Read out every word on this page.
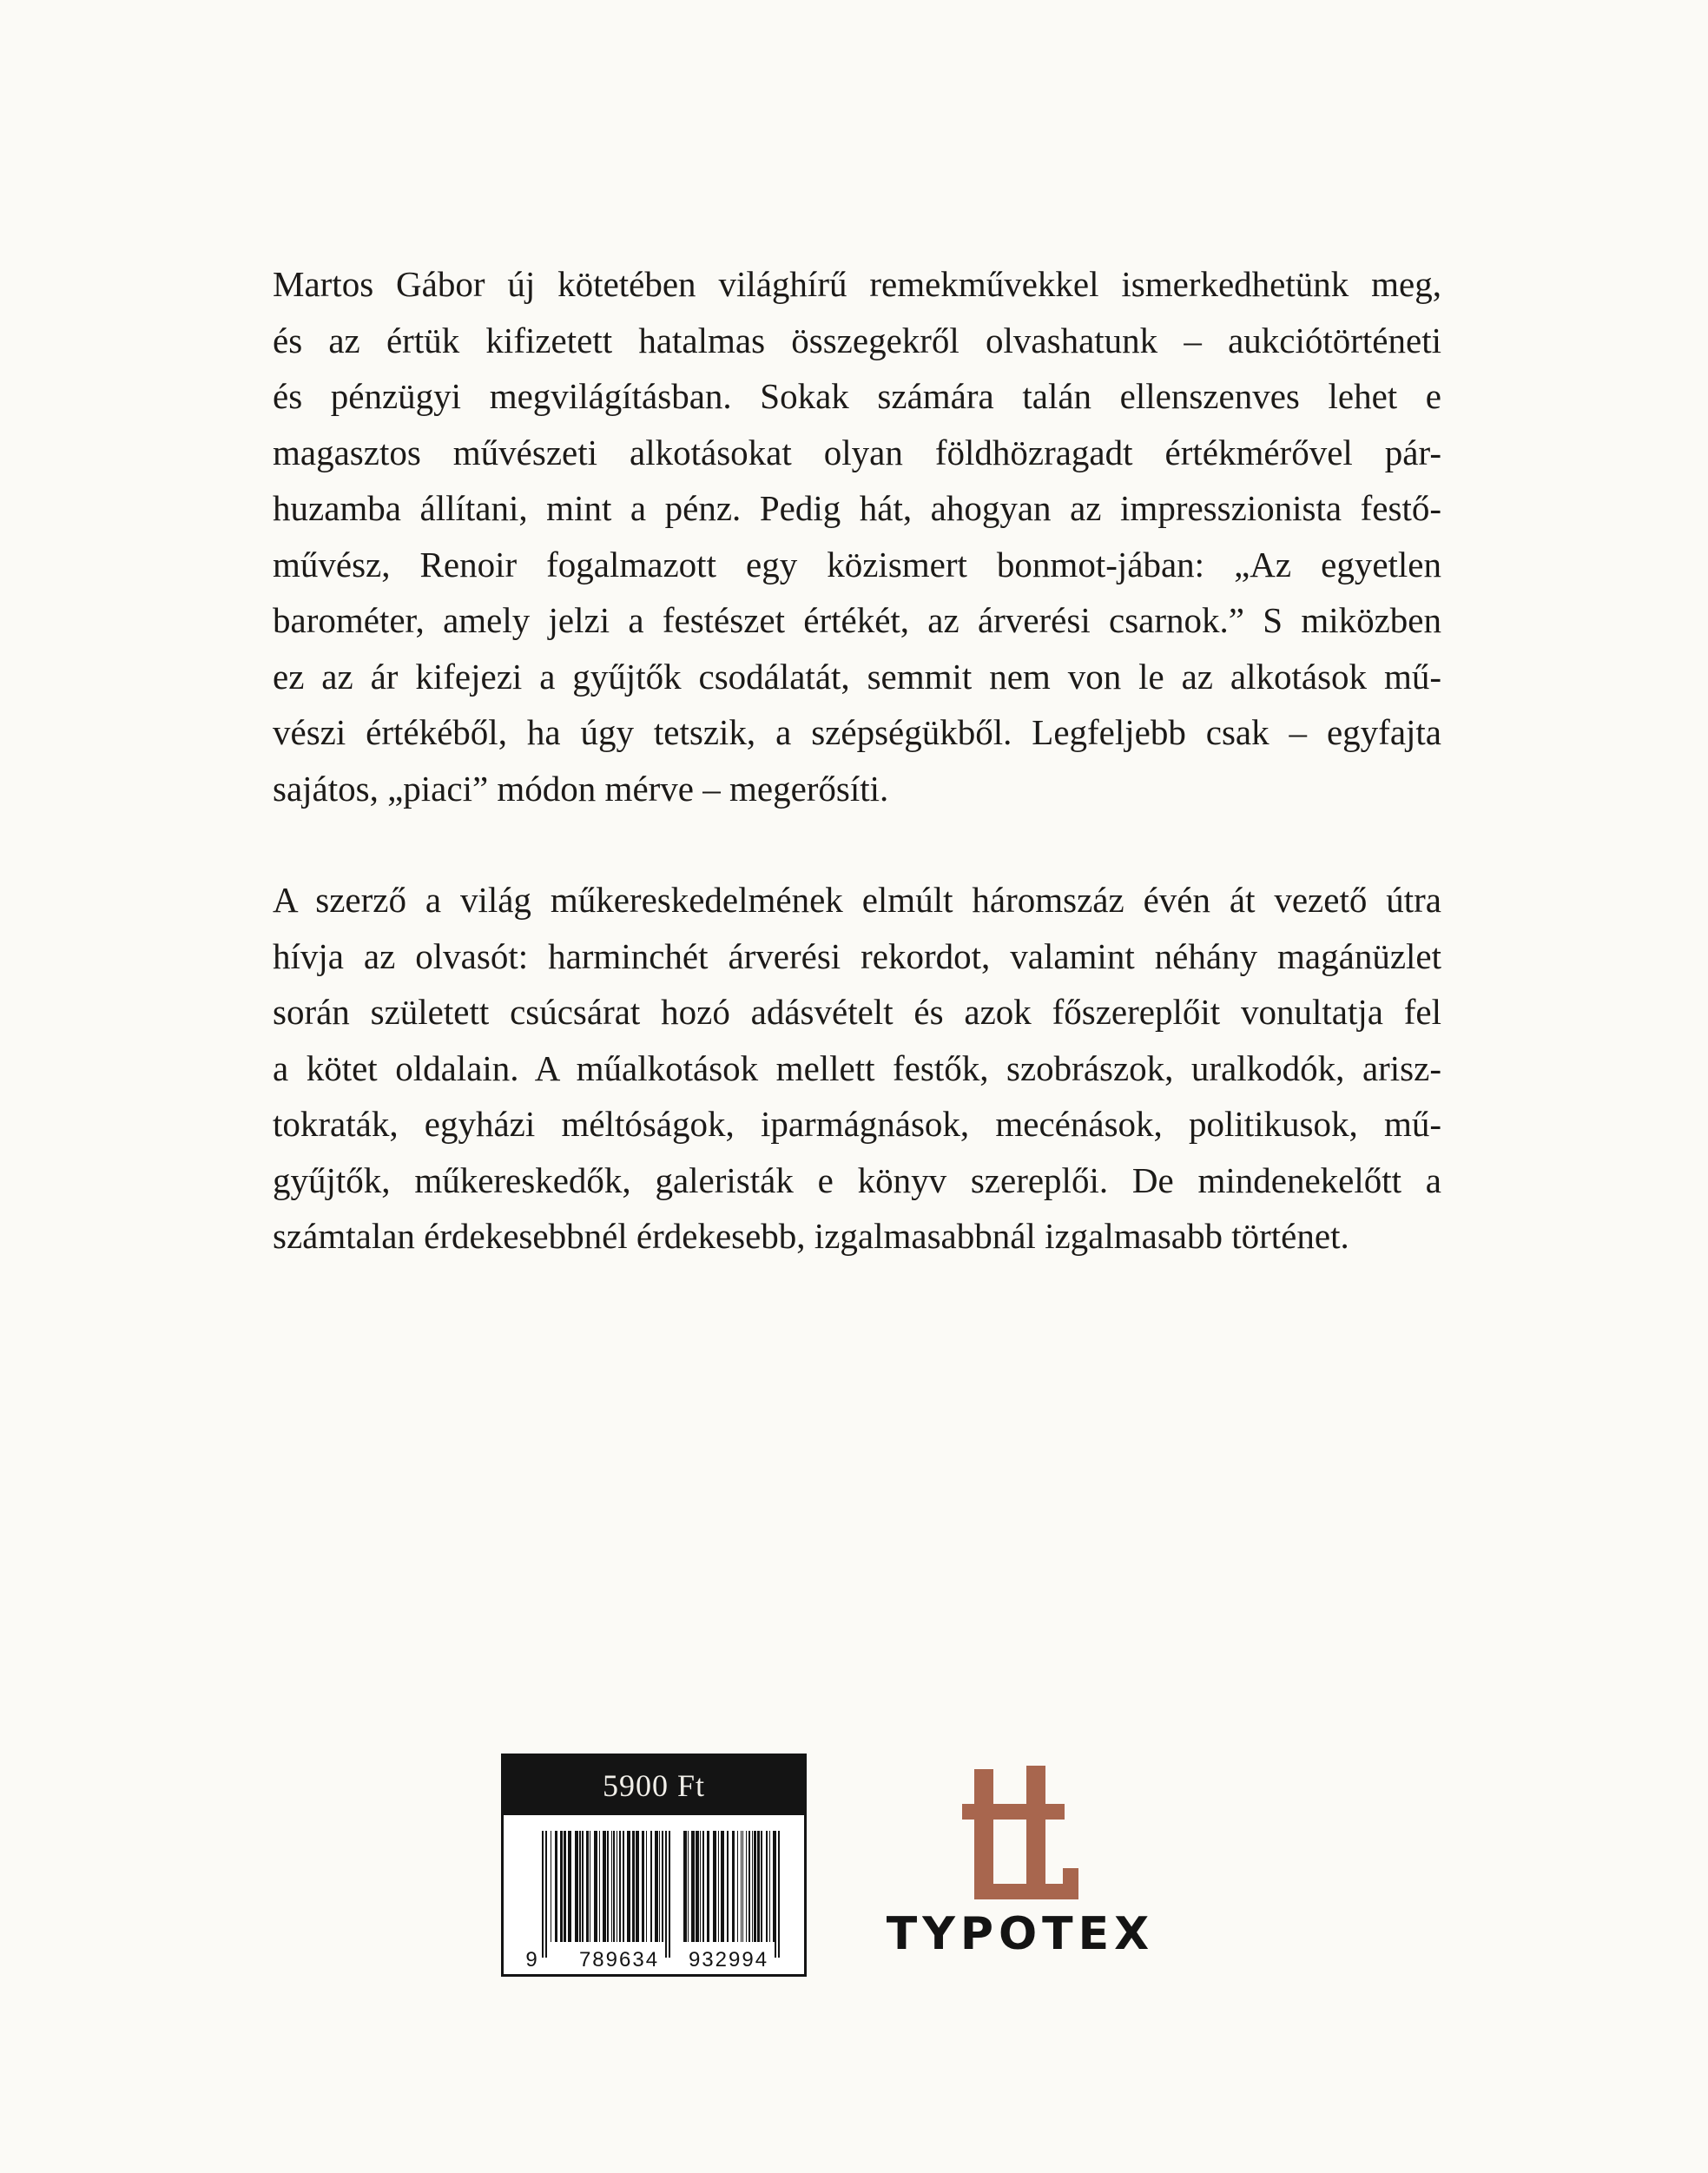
Martos Gábor új kötetében világhírű remekművekkel ismerkedhetünk meg,
és az értük kifizetett hatalmas összegekről olvashatunk – aukciótörténeti
és pénzügyi megvilágításban. Sokak számára talán ellenszenves lehet e
magasztos művészeti alkotásokat olyan földhözragadt értékmérővel pár-
huzamba állítani, mint a pénz. Pedig hát, ahogyan az impresszionista festő-
művész, Renoir fogalmazott egy közismert bonmot-jában: „Az egyetlen
barométer, amely jelzi a festészet értékét, az árverési csarnok.” S miközben
ez az ár kifejezi a gyűjtők csodálatát, semmit nem von le az alkotások mű-
vészi értékéből, ha úgy tetszik, a szépségükből. Legfeljebb csak – egyfajta
sajátos, „piaci” módon mérve – megerősíti.

A szerző a világ műkereskedelmének elmúlt háromszáz évén át vezető útra
hívja az olvasót: harminchét árverési rekordot, valamint néhány magánüzlet
során született csúcsárat hozó adásvételt és azok főszereplőit vonultatja fel
a kötet oldalain. A műalkotások mellett festők, szobrászok, uralkodók, arisz-
tokraták, egyházi méltóságok, iparmágnások, mecénások, politikusok, mű-
gyűjtők, műkereskedők, galeristák e könyv szereplői. De mindenekelőtt a
számtalan érdekesebbnél érdekesebb, izgalmasabbnál izgalmasabb történet.

5900 Ft
9 789634 932994	TYPOTEX
